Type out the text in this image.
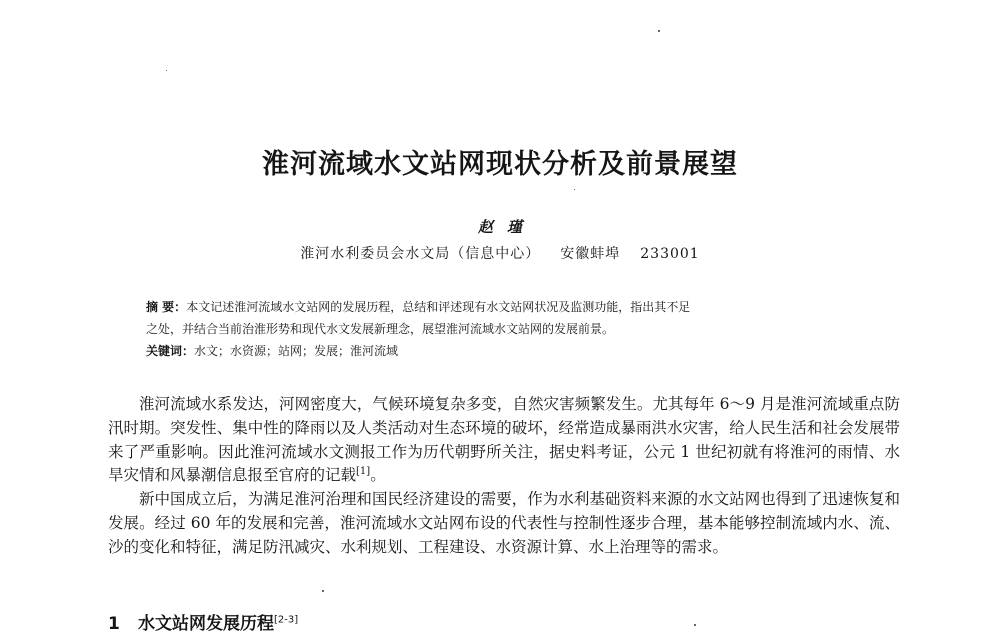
淮河流域水文站网现状分析及前景展望
赵瑾
淮河水利委员会水文局（信息中心） 安徽蚌埠 233001

摘 要：本文记述淮河流域水文站网的发展历程，总结和评述现有水文站网状况及监测功能，指出其不足

之处，并结合当前治淮形势和现代水文发展新理念，展望淮河流域水文站网的发展前景。

关键词：水文；水资源；站网；发展；淮河流域

淮河流域水系发达，河网密度大，气候环境复杂多变，自然灾害频繁发生。尤其每年 6～9 月是淮河流域重点防汛时期。突发性、集中性的降雨以及人类活动对生态环境的破坏，经常造成暴雨洪水灾害，给人民生活和社会发展带来了严重影响。因此淮河流域水文测报工作为历代朝野所关注，据史料考证，公元 1 世纪初就有将淮河的雨情、水旱灾情和风暴潮信息报至官府的记载[1]。

新中国成立后，为满足淮河治理和国民经济建设的需要，作为水利基础资料来源的水文站网也得到了迅速恢复和发展。经过 60 年的发展和完善，淮河流域水文站网布设的代表性与控制性逐步合理，基本能够控制流域内水、流、沙的变化和特征，满足防汛减灾、水利规划、工程建设、水资源计算、水上治理等的需求。

1 水文站网发展历程[2-3]
